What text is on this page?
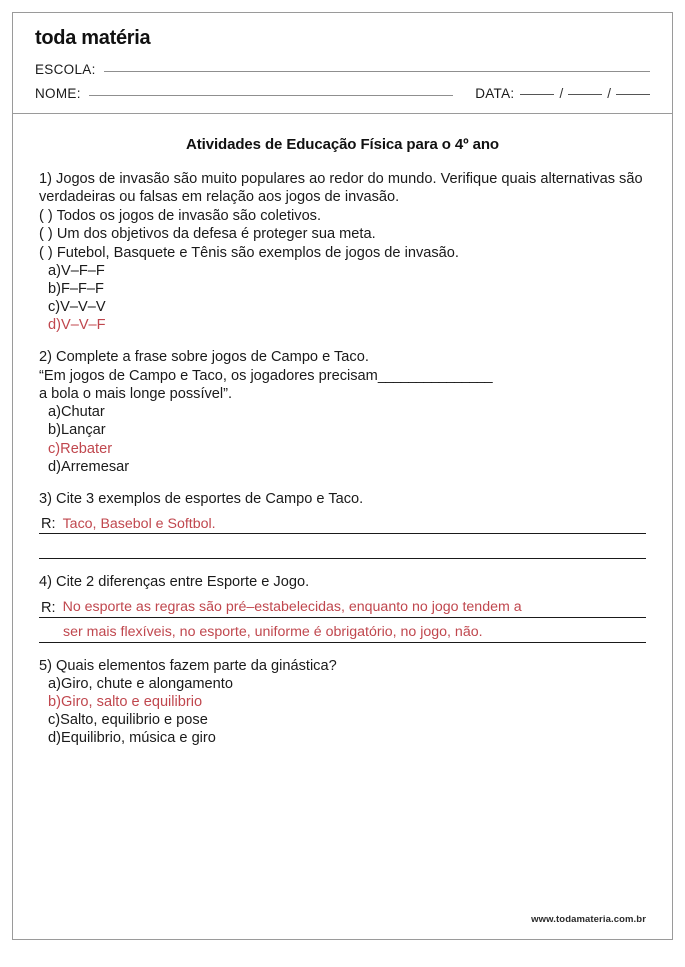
toda matéria
ESCOLA:
NOME:	DATA:	/	/
Atividades de Educação Física para o 4º ano
1) Jogos de invasão são muito populares ao redor do mundo. Verifique quais alternativas são verdadeiras ou falsas em relação aos jogos de invasão.
( ) Todos os jogos de invasão são coletivos.
( ) Um dos objetivos da defesa é proteger sua meta.
( ) Futebol, Basquete e Tênis são exemplos de jogos de invasão.
a)V–F–F
b)F–F–F
c)V–V–V
d)V–V–F
2) Complete a frase sobre jogos de Campo e Taco.
“Em jogos de Campo e Taco, os jogadores precisam_______________
a bola o mais longe possível”.
a)Chutar
b)Lançar
c)Rebater
d)Arremesar
3) Cite 3 exemplos de esportes de Campo e Taco.
R: Taco, Basebol e Softbol.
4) Cite 2 diferenças entre Esporte e Jogo.
R: No esporte as regras são pré–estabelecidas, enquanto no jogo tendem a
ser mais flexíveis, no esporte, uniforme é obrigatório, no jogo, não.
5) Quais elementos fazem parte da ginástica?
a)Giro, chute e alongamento
b)Giro, salto e equilibrio
c)Salto, equilibrio e pose
d)Equilibrio, música e giro
www.todamateria.com.br
